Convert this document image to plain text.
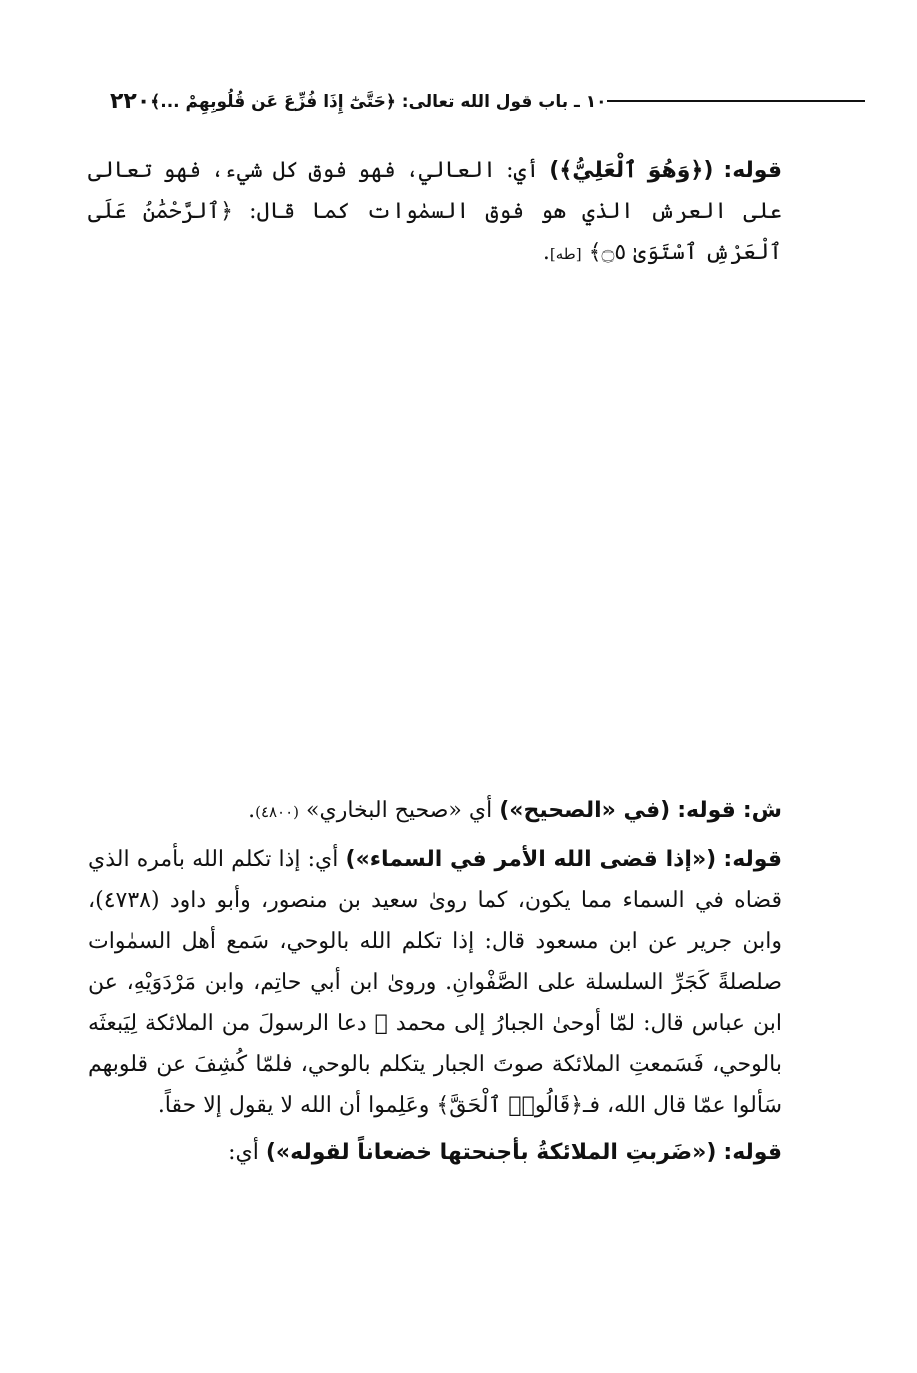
٢٢٠ ١٠ ـ باب قول الله تعالى: ﴿حَتَّىٰٓ إِذَا فُزِّعَ عَن قُلُوبِهِمْ ...﴾

قوله: (﴿وَهُوَ ٱلْعَلِيُّ﴾) أي: العالي، فهو فوق كل شيء، فهو تعالى على العرش الذي هو فوق السمٰوات كما قال: ﴿ٱلرَّحْمَٰنُ عَلَى ٱلْعَرْشِ ٱسْتَوَىٰ ۝٥﴾ [طه].

ش: قوله: (في «الصحيح») أي «صحيح البخاري» (٤٨٠٠).

قوله: («إذا قضى الله الأمر في السماء») أي: إذا تكلم الله بأمره الذي قضاه في السماء مما يكون، كما روىٰ سعيد بن منصور، وأبو داود (٤٧٣٨)، وابن جرير عن ابن مسعود قال: إذا تكلم الله بالوحي، سَمع أهل السمٰوات صلصلةً كَجَرِّ السلسلة على الصَّفْوانِ. وروىٰ ابن أبي حاتِم، وابن مَرْدَوَيْهِ، عن ابن عباس قال: لمّا أوحىٰ الجبارُ إلى محمد ﷺ دعا الرسولَ من الملائكة لِيَبعثَه بالوحي، فَسَمعتِ الملائكة صوتَ الجبار يتكلم بالوحي، فلمّا كُشِفَ عن قلوبهم سَألوا عمّا قال الله، فـ﴿قَالُوا۟ ٱلْحَقَّ﴾ وعَلِموا أن الله لا يقول إلا حقاً.

قوله: («ضَربتِ الملائكةُ بأجنحتها خضعاناً لقوله») أي:
